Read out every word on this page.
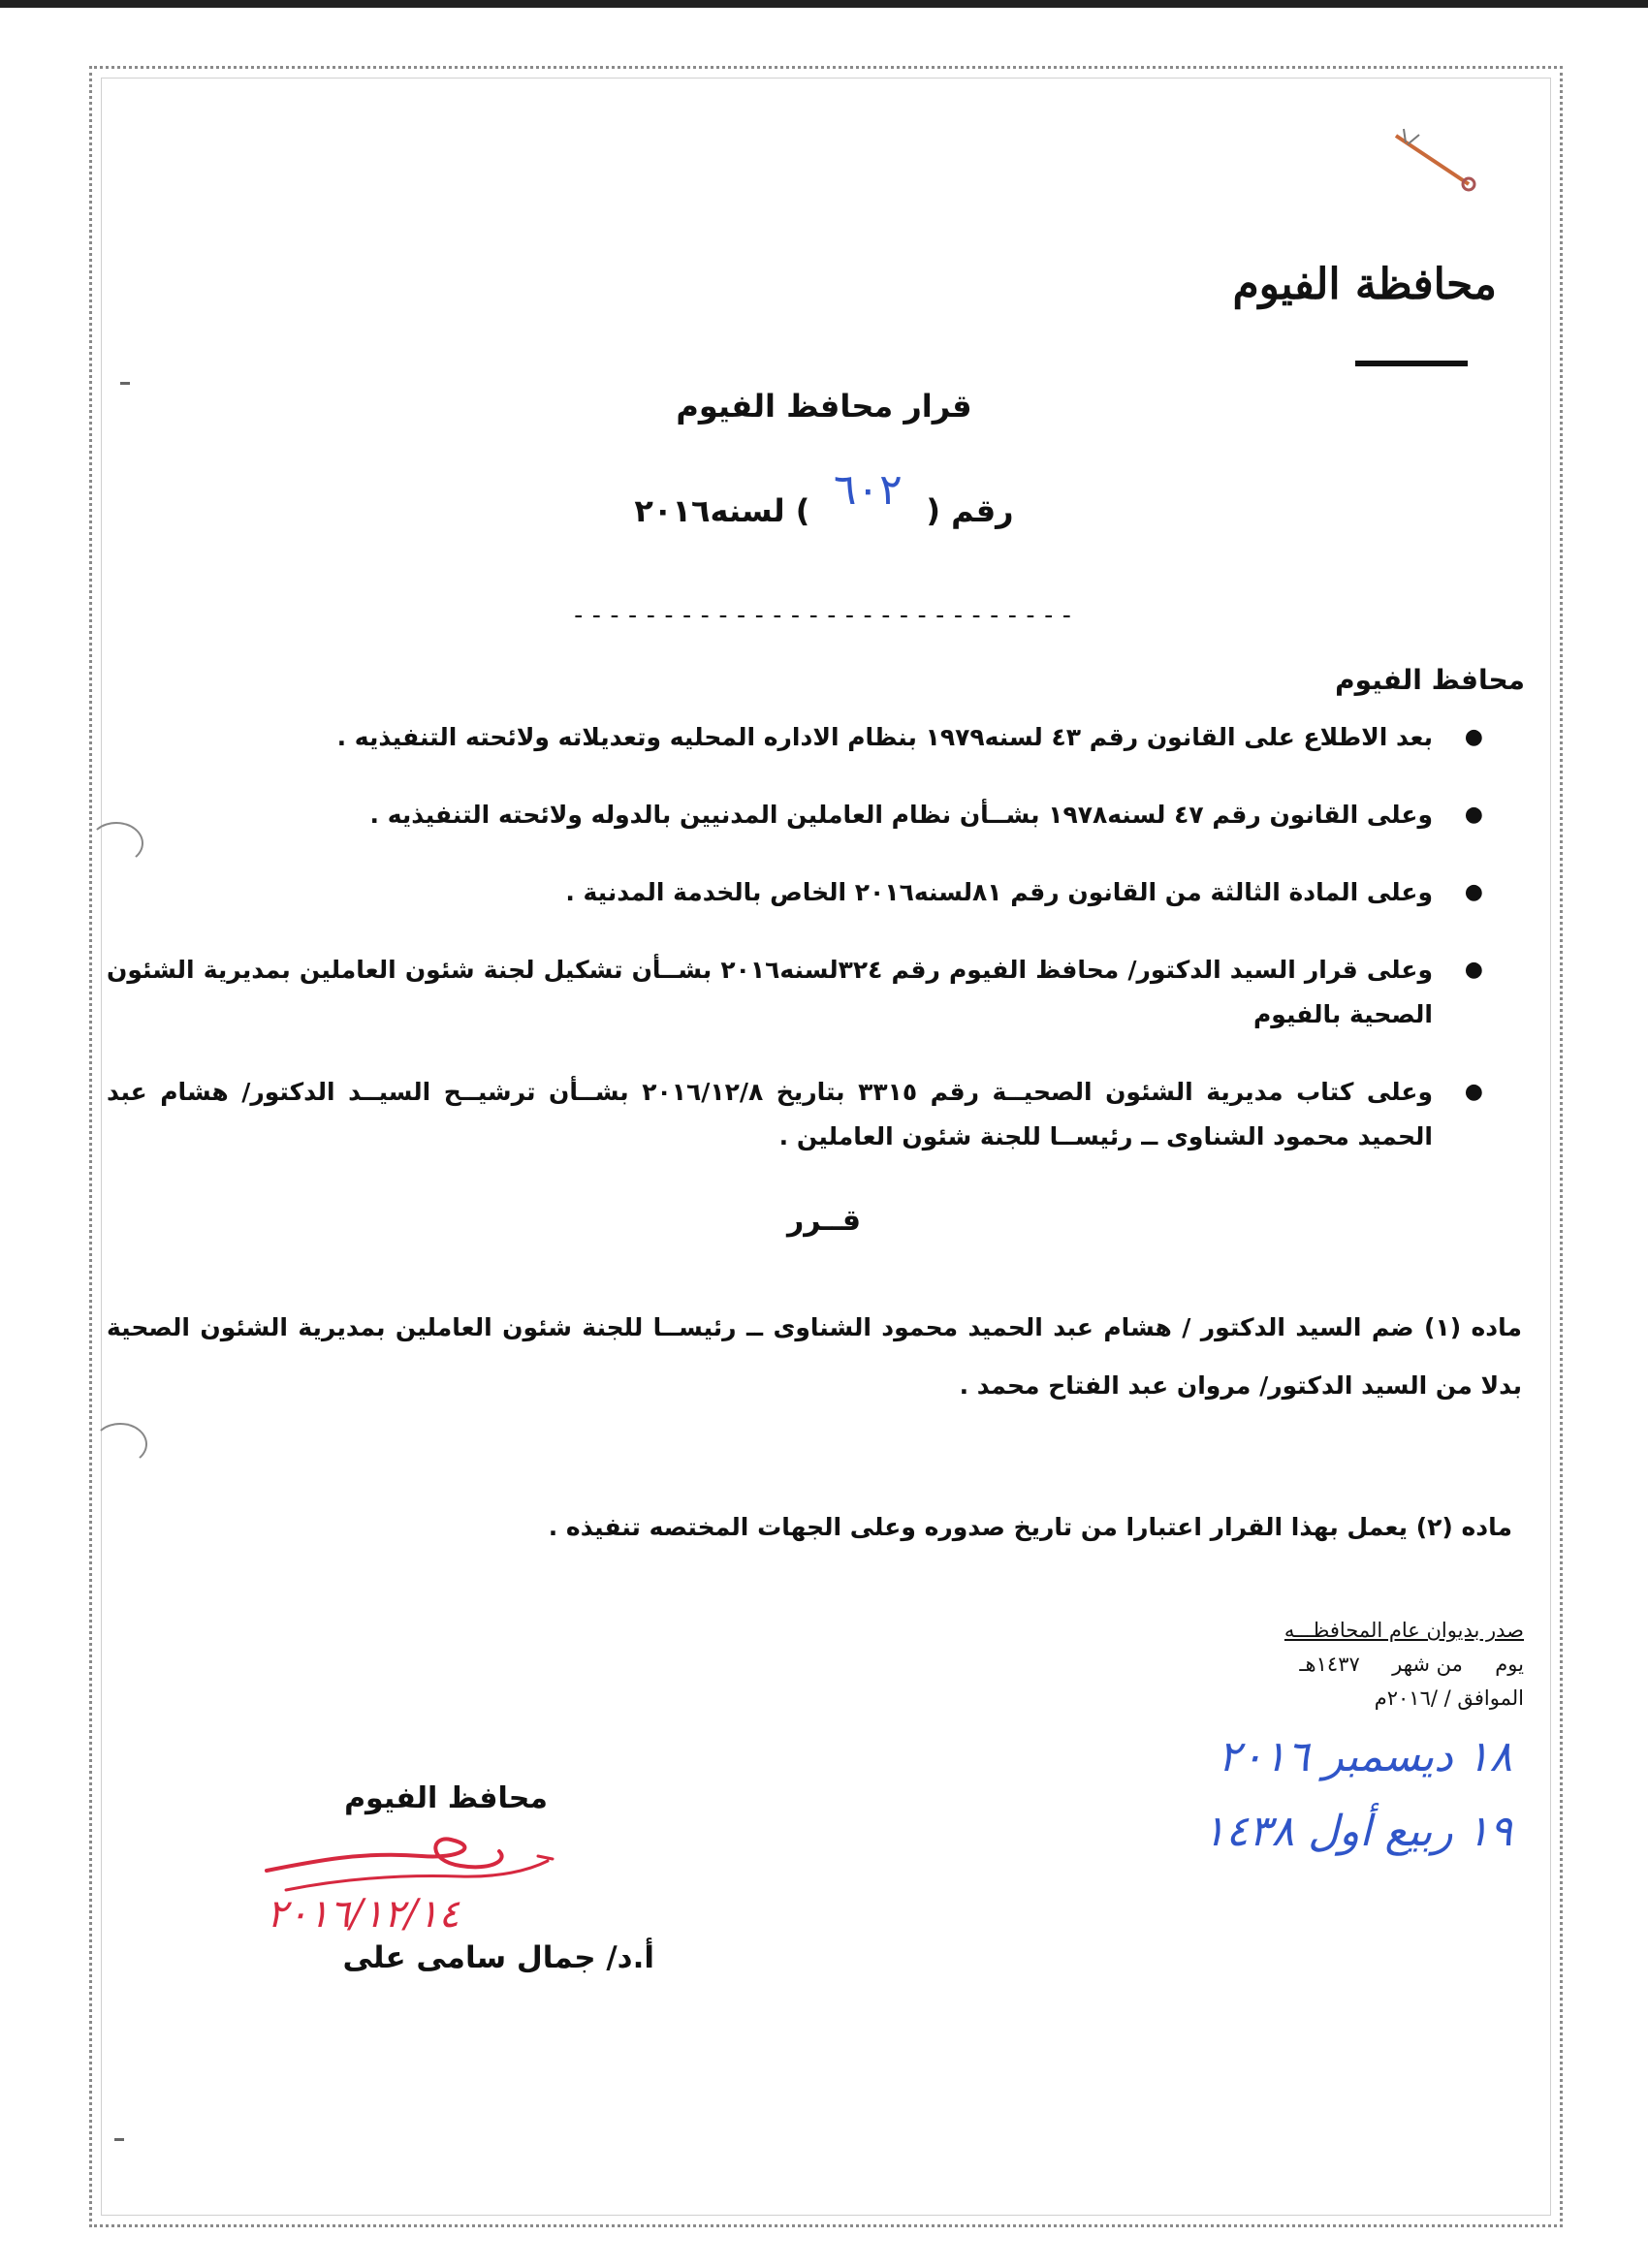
محافظة الفيوم
قرار محافظ الفيوم
رقم (٦٠٢) لسنه٢٠١٦
----------------------------
محافظ الفيوم
●
بعد الاطلاع على القانون رقم ٤٣ لسنه١٩٧٩ بنظام الاداره المحليه وتعديلاته ولائحته التنفيذيه .
●
وعلى القانون رقم ٤٧ لسنه١٩٧٨ بشــأن نظام العاملين المدنيين بالدوله ولائحته التنفيذيه .
●
وعلى المادة الثالثة من القانون رقم ٨١لسنه٢٠١٦ الخاص بالخدمة المدنية .
●
وعلى قرار السيد الدكتور/ محافظ الفيوم رقم ٣٢٤لسنه٢٠١٦ بشــأن تشكيل لجنة شئون العاملين بمديرية الشئون الصحية بالفيوم
●
وعلى كتاب مديرية الشئون الصحيــة رقم ٣٣١٥ بتاريخ ٢٠١٦/١٢/٨ بشــأن ترشيــح السيــد الدكتور/ هشام عبد الحميد محمود الشناوى ــ رئيســا للجنة شئون العاملين .
قــرر
ماده (١) ضم السيد الدكتور / هشام عبد الحميد محمود الشناوى ــ رئيســا للجنة شئون العاملين بمديرية الشئون الصحية بدلا من السيد الدكتور/ مروان عبد الفتاح محمد .
ماده (٢) يعمل بهذا القرار اعتبارا من تاريخ صدوره وعلى الجهات المختصه تنفيذه .
صدر بديوان عام المحافظـــه
يوم     من شهر     ١٤٣٧هـ
الموافق / /٢٠١٦م
١٨ ديسمبر ٢٠١٦
١٩ ربيع أول ١٤٣٨
محافظ الفيوم
٢٠١٦/١٢/١٤
أ.د/ جمال سامى على
